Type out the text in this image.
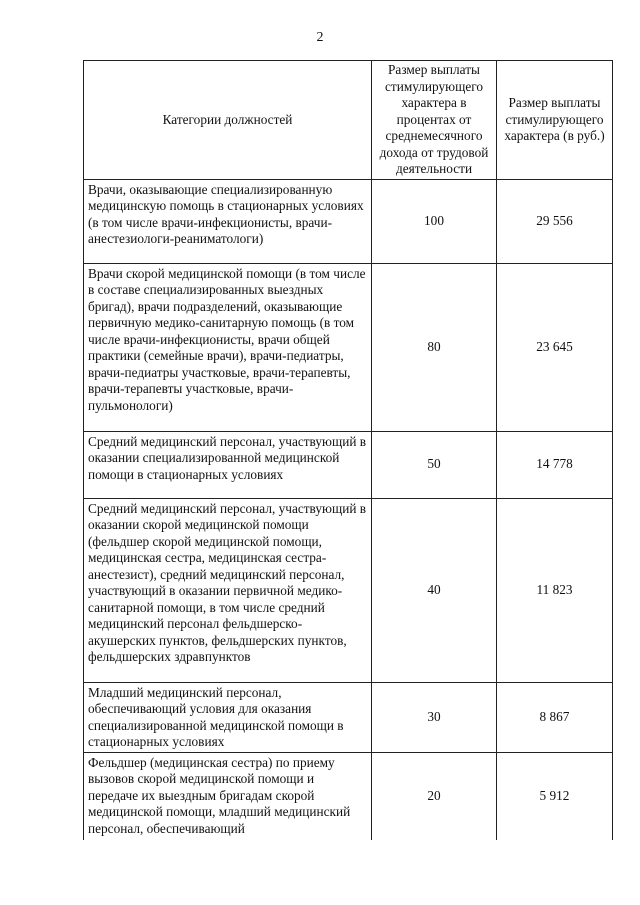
2
Категории должностей	Размер выплаты стимулирующего характера в процентах от среднемесячного дохода от трудовой деятельности	Размер выплаты стимулирующего характера (в руб.)
Врачи, оказывающие специализированную медицинскую помощь в стационарных условиях (в том числе врачи-инфекционисты, врачи-анестезиологи-реаниматологи)	100	29 556
Врачи скорой медицинской помощи (в том числе в составе специализированных выездных бригад), врачи подразделений, оказывающие первичную медико-санитарную помощь (в том числе врачи-инфекционисты, врачи общей практики (семейные врачи), врачи-педиатры, врачи-педиатры участковые, врачи-терапевты, врачи-терапевты участковые, врачи-пульмонологи)	80	23 645
Средний медицинский персонал, участвующий в оказании специализированной медицинской помощи в стационарных условиях	50	14 778
Средний медицинский персонал, участвующий в оказании скорой медицинской помощи (фельдшер скорой медицинской помощи, медицинская сестра, медицинская сестра-анестезист), средний медицинский персонал, участвующий в оказании первичной медико-санитарной помощи, в том числе средний медицинский персонал фельдшерско-акушерских пунктов, фельдшерских пунктов, фельдшерских здравпунктов	40	11 823
Младший медицинский персонал, обеспечивающий условия для оказания специализированной медицинской помощи в стационарных условиях	30	8 867
Фельдшер (медицинская сестра) по приему вызовов скорой медицинской помощи и передаче их выездным бригадам скорой медицинской помощи, младший медицинский персонал, обеспечивающий	20	5 912
